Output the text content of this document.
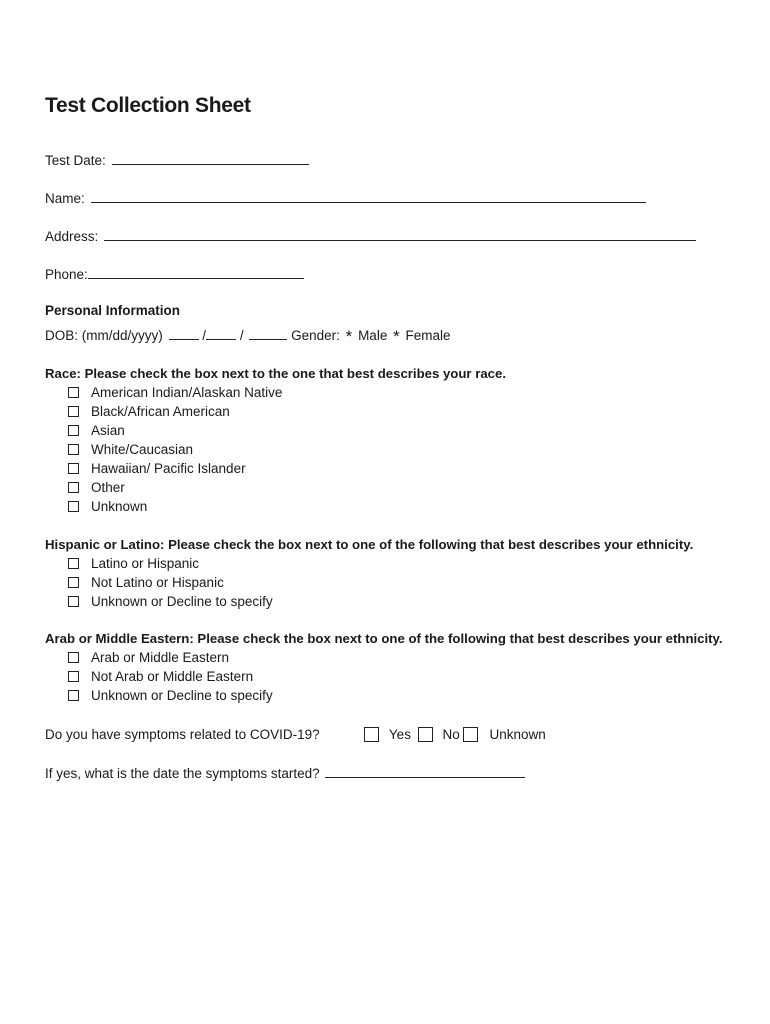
Test Collection Sheet
Test Date:
Name:
Address:
Phone:
Personal Information
DOB: (mm/dd/yyyy)	/	/	Gender: * Male * Female
Race: Please check the box next to the one that best describes your race.
American Indian/Alaskan Native
Black/African American
Asian
White/Caucasian
Hawaiian/ Pacific Islander
Other
Unknown
Hispanic or Latino: Please check the box next to one of the following that best describes your ethnicity.
Latino or Hispanic
Not Latino or Hispanic
Unknown or Decline to specify
Arab or Middle Eastern: Please check the box next to one of the following that best describes your ethnicity.
Arab or Middle Eastern
Not Arab or Middle Eastern
Unknown or Decline to specify
Do you have symptoms related to COVID-19?	Yes No Unknown
If yes, what is the date the symptoms started?
